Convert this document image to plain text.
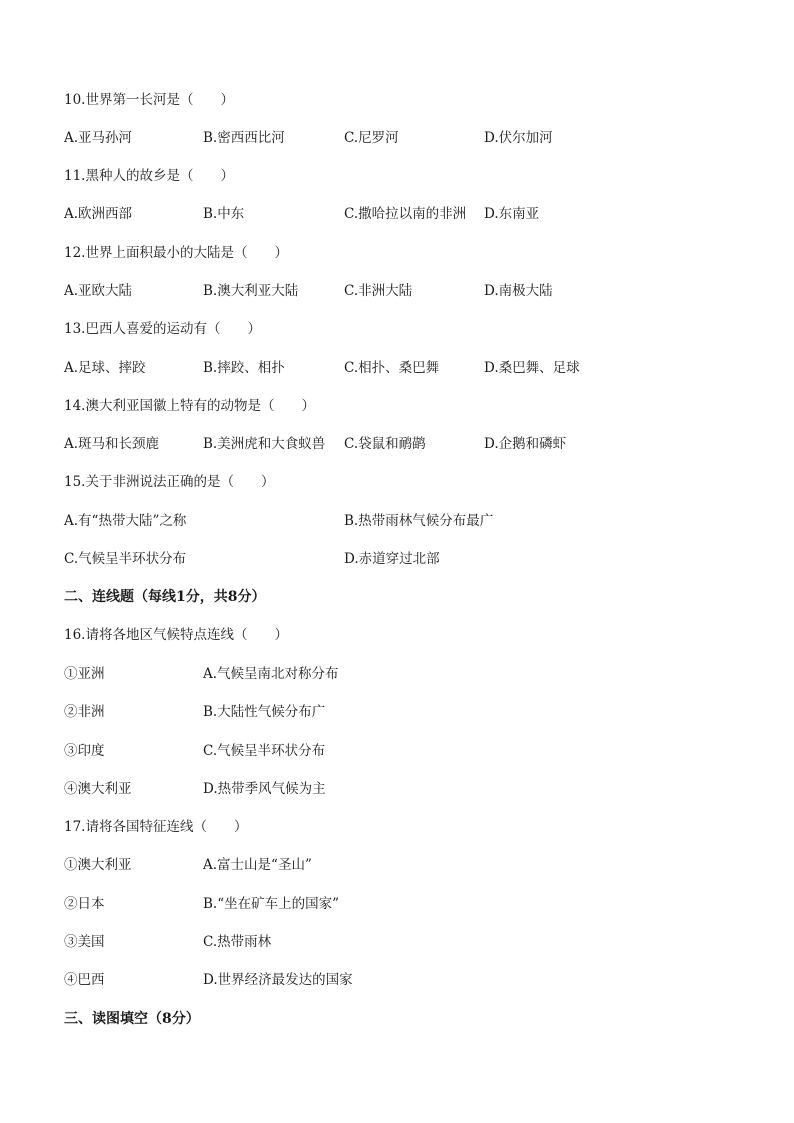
10.世界第一长河是（　　）
A.亚马孙河	B.密西西比河	C.尼罗河	D.伏尔加河
11.黑种人的故乡是（　　）
A.欧洲西部	B.中东	C.撒哈拉以南的非洲 D.东南亚
12.世界上面积最小的大陆是（　　）
A.亚欧大陆	B.澳大利亚大陆	C.非洲大陆	D.南极大陆
13.巴西人喜爱的运动有（　　）
A.足球、摔跤	B.摔跤、相扑	C.相扑、桑巴舞	D.桑巴舞、足球
14.澳大利亚国徽上特有的动物是（　　）
A.斑马和长颈鹿	B.美洲虎和大食蚁兽 C.袋鼠和鸸鹋	D.企鹅和磷虾
15.关于非洲说法正确的是（　　）
A.有“热带大陆”之称	B.热带雨林气候分布最广
C.气候呈半环状分布	D.赤道穿过北部
二、连线题（每线1分，共8分）
16.请将各地区气候特点连线（　　）
①亚洲	A.气候呈南北对称分布
②非洲	B.大陆性气候分布广
③印度	C.气候呈半环状分布
④澳大利亚	D.热带季风气候为主
17.请将各国特征连线（　　）
①澳大利亚	A.富士山是“圣山”
②日本	B.“坐在矿车上的国家”
③美国	C.热带雨林
④巴西	D.世界经济最发达的国家
三、读图填空（8分）
